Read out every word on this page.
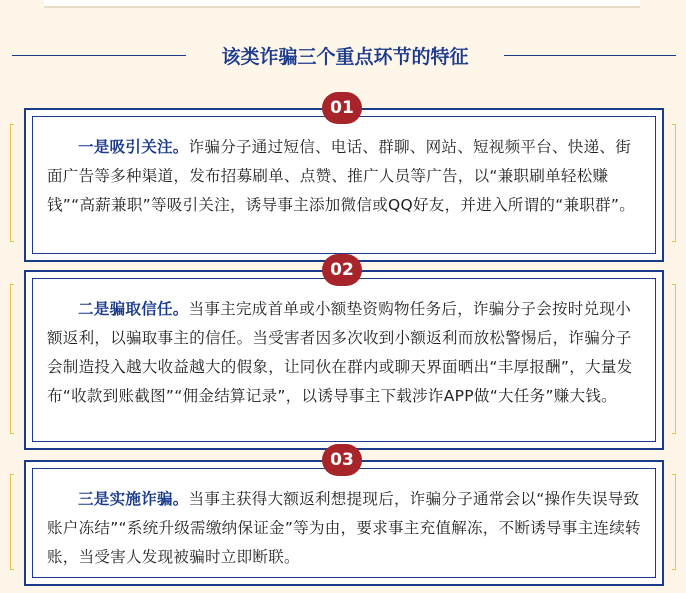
该类诈骗三个重点环节的特征
一是吸引关注。诈骗分子通过短信、电话、群聊、网站、短视频平台、快递、街面广告等多种渠道，发布招募刷单、点赞、推广人员等广告，以“兼职刷单轻松赚钱”“高薪兼职”等吸引关注，诱导事主添加微信或QQ好友，并进入所谓的“兼职群”。
01
二是骗取信任。当事主完成首单或小额垫资购物任务后，诈骗分子会按时兑现小额返利，以骗取事主的信任。当受害者因多次收到小额返利而放松警惕后，诈骗分子会制造投入越大收益越大的假象，让同伙在群内或聊天界面晒出“丰厚报酬”，大量发布“收款到账截图”“佣金结算记录”，以诱导事主下载涉诈APP做“大任务”赚大钱。
02
三是实施诈骗。当事主获得大额返利想提现后，诈骗分子通常会以“操作失误导致账户冻结”“系统升级需缴纳保证金”等为由，要求事主充值解冻，不断诱导事主连续转账，当受害人发现被骗时立即断联。
03
